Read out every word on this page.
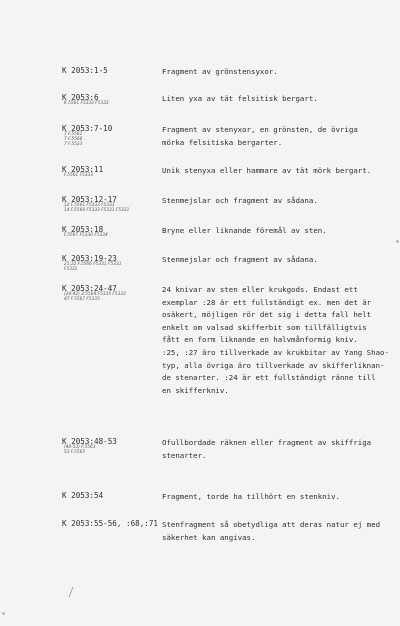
K 2053:1-5	Fragment av grönstensyxor.
K 2053:6
K 5561 F5333 F5333
Liten yxa av tät felsitisk bergart.
K 2053:7-10
7 F.5561
7 F.5566
7 F.5523
Fragment av stenyxor, en grönsten, de övriga
mörka felsitiska bergarter.
K 2053:11
F.5561 F5333
Unik stenyxa eller hammare av tät mörk bergart.
K 2053:12-17
12 F.5561 F5333 F5333
14 F.5566 F5333 F5331 F5331
Stenmejslar och fragment av sådana.
K 2053:18
F.5567 F5330 F5334
Bryne eller liknande föremål av sten.
K 2053:19-23
21,22 F.5566 F5331 F5331
F5331
Stenmejslar och fragment av sådana.
K 2053:24-47
(24-42) 2.5564 F5335 F5333
47 F.5567 F5335
24 knivar av sten eller krukgods. Endast ett
exemplar :28 är ett fullständigt ex. men det är
osäkert, möjligen rör det sig i detta fall helt
enkelt om valsad skifferbit som tillfälligtvis
fått en form liknande en halvmånformig kniv.
:25, :27 äro tillverkade av krukbitar av Yang Shao-
typ, alla övriga äro tillverkade av skifferliknan-
de stenarter. :24 är ett fullständigt ränne till
en skifferkniv.
K 2053:48-53
(48-53) F.5563
53 F.5565
Ofullbordade räknen eller fragment av skiffriga
stenarter.
K 2053:54	Fragment, torde ha tillhört en stenkniv.
K 2053:55-56, :68,:71 Stenfragment så obetydliga att deras natur ej med
säkerhet kan angivas.
